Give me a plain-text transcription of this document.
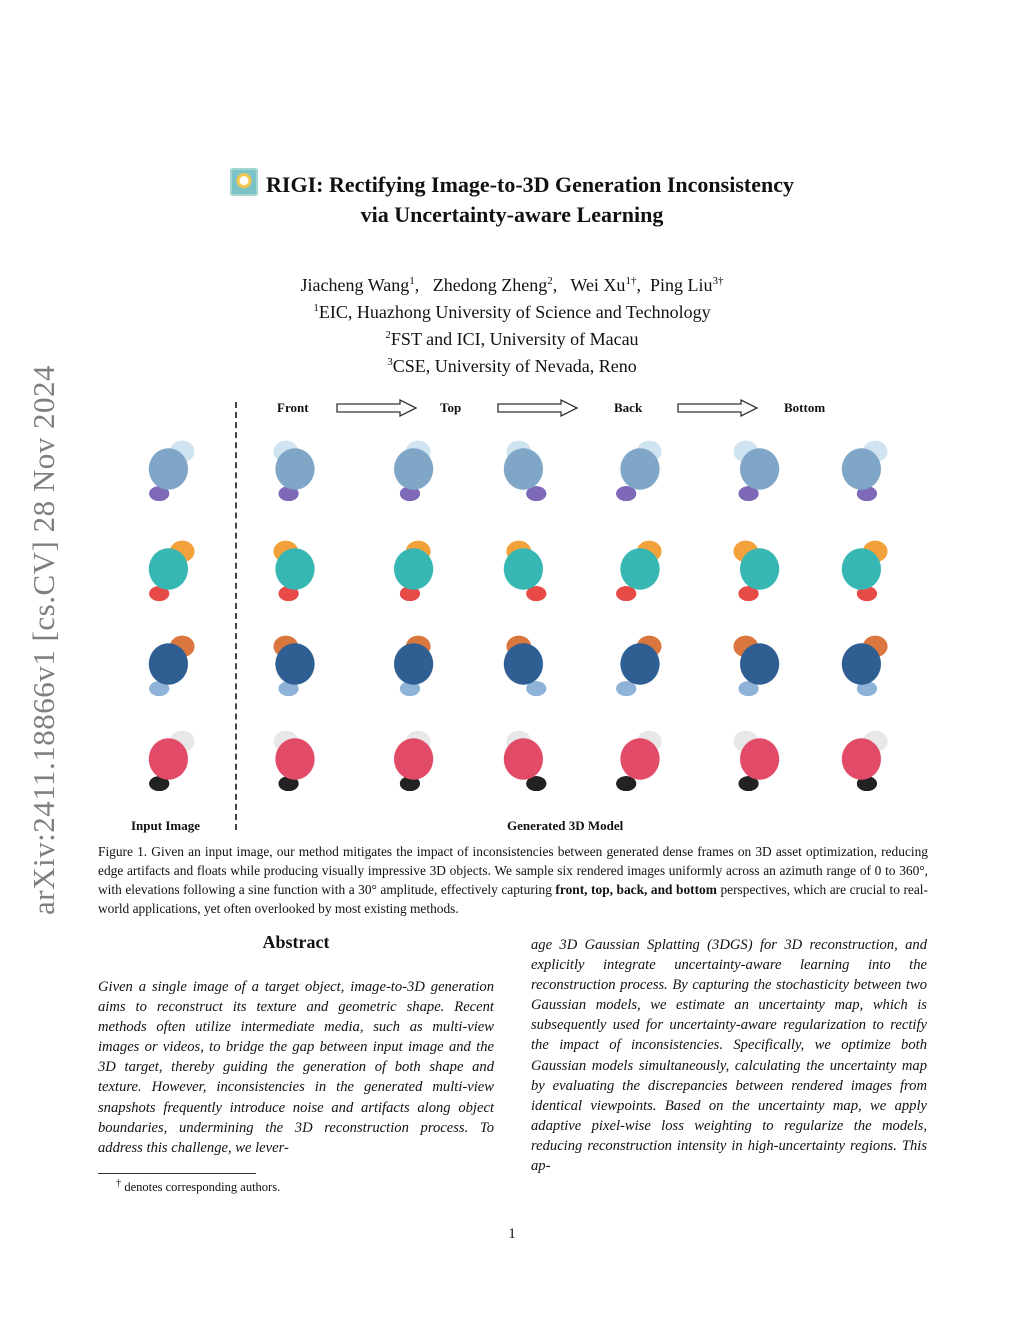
arXiv:2411.18866v1 [cs.CV] 28 Nov 2024
RIGI: Rectifying Image-to-3D Generation Inconsistency
via Uncertainty-aware Learning
Jiacheng Wang$^1$,   Zhedong Zheng$^2$,   Wei $Xu^{1\dagger}$,  Ping Liu$^{3\dagger}$
$^1$EIC, Huazhong University of Science and Technology
$^2$FST and ICI, University of Macau
$^3$CSE, University of Nevada, Reno
Front	Top	Back	Bottom
Input Image	Generated 3D Model
Figure 1. Given an input image, our method mitigates the impact of inconsistencies between generated dense frames on 3D asset optimization, reducing edge artifacts and floats while producing visually impressive 3D objects. We sample six rendered images uniformly across an azimuth range of 0 to 360°, with elevations following a sine function with a 30° amplitude, effectively capturing front, top, back, and bottom perspectives, which are crucial to real-world applications, yet often overlooked by most existing methods.
Abstract
Given a single image of a target object, image-to-3D generation aims to reconstruct its texture and geometric shape. Recent methods often utilize intermediate media, such as multi-view images or videos, to bridge the gap between input image and the 3D target, thereby guiding the generation of both shape and texture. However, inconsistencies in the generated multi-view snapshots frequently introduce noise and artifacts along object boundaries, undermining the 3D reconstruction process. To address this challenge, we lever-
age 3D Gaussian Splatting (3DGS) for 3D reconstruction, and explicitly integrate uncertainty-aware learning into the reconstruction process. By capturing the stochasticity between two Gaussian models, we estimate an uncertainty map, which is subsequently used for uncertainty-aware regularization to rectify the impact of inconsistencies. Specifically, we optimize both Gaussian models simultaneously, calculating the uncertainty map by evaluating the discrepancies between rendered images from identical viewpoints. Based on the uncertainty map, we apply adaptive pixel-wise loss weighting to regularize the models, reducing reconstruction intensity in high-uncertainty regions. This ap-
† denotes corresponding authors.
1
